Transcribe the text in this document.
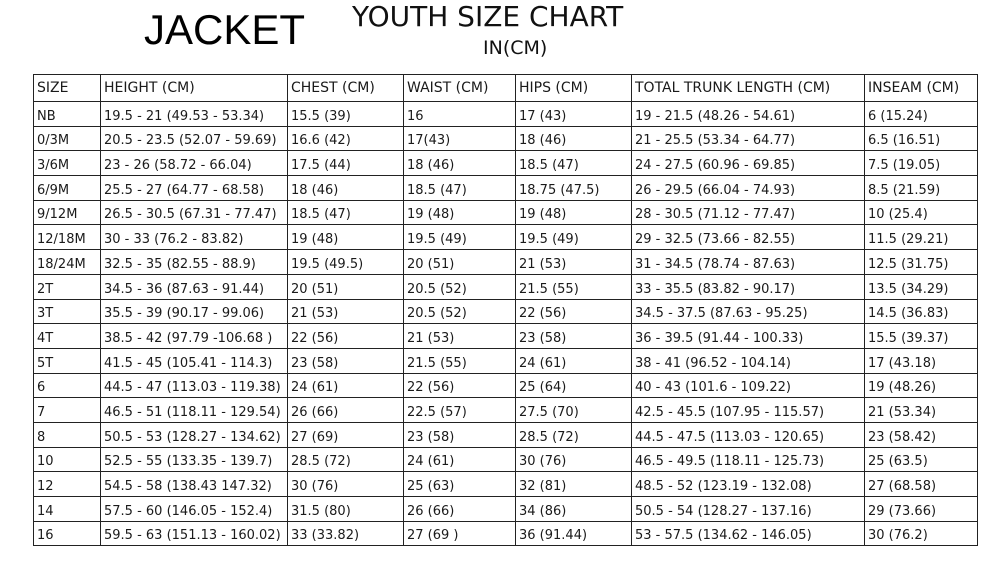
JACKET YOUTH SIZE CHART
IN(CM)
SIZE	HEIGHT (CM)	CHEST (CM)	WAIST (CM)	HIPS (CM)	TOTAL TRUNK LENGTH (CM)	INSEAM (CM)
NB	19.5 - 21 (49.53 - 53.34)	15.5 (39)	16	17 (43)	19 - 21.5 (48.26 - 54.61)	6 (15.24)
0/3M	20.5 - 23.5 (52.07 - 59.69)	16.6 (42)	17(43)	18 (46)	21 - 25.5 (53.34 - 64.77)	6.5 (16.51)
3/6M	23 - 26 (58.72 - 66.04)	17.5 (44)	18 (46)	18.5 (47)	24 - 27.5 (60.96 - 69.85)	7.5 (19.05)
6/9M	25.5 - 27 (64.77 - 68.58)	18 (46)	18.5 (47)	18.75 (47.5)	26 - 29.5 (66.04 - 74.93)	8.5 (21.59)
9/12M	26.5 - 30.5 (67.31 - 77.47)	18.5 (47)	19 (48)	19 (48)	28 - 30.5 (71.12 - 77.47)	10 (25.4)
12/18M	30 - 33 (76.2 - 83.82)	19 (48)	19.5 (49)	19.5 (49)	29 - 32.5 (73.66 - 82.55)	11.5 (29.21)
18/24M	32.5 - 35 (82.55 - 88.9)	19.5 (49.5)	20 (51)	21 (53)	31 - 34.5 (78.74 - 87.63)	12.5 (31.75)
2T	34.5 - 36 (87.63 - 91.44)	20 (51)	20.5 (52)	21.5 (55)	33 - 35.5 (83.82 - 90.17)	13.5 (34.29)
3T	35.5 - 39 (90.17 - 99.06)	21 (53)	20.5 (52)	22 (56)	34.5 - 37.5 (87.63 - 95.25)	14.5 (36.83)
4T	38.5 - 42 (97.79 -106.68 )	22 (56)	21 (53)	23 (58)	36 - 39.5 (91.44 - 100.33)	15.5 (39.37)
5T	41.5 - 45 (105.41 - 114.3)	23 (58)	21.5 (55)	24 (61)	38 - 41 (96.52 - 104.14)	17 (43.18)
6	44.5 - 47 (113.03 - 119.38)	24 (61)	22 (56)	25 (64)	40 - 43 (101.6 - 109.22)	19 (48.26)
7	46.5 - 51 (118.11 - 129.54)	26 (66)	22.5 (57)	27.5 (70)	42.5 - 45.5 (107.95 - 115.57)	21 (53.34)
8	50.5 - 53 (128.27 - 134.62)	27 (69)	23 (58)	28.5 (72)	44.5 - 47.5 (113.03 - 120.65)	23 (58.42)
10	52.5 - 55 (133.35 - 139.7)	28.5 (72)	24 (61)	30 (76)	46.5 - 49.5 (118.11 - 125.73)	25 (63.5)
12	54.5 - 58 (138.43 147.32)	30 (76)	25 (63)	32 (81)	48.5 - 52 (123.19 - 132.08)	27 (68.58)
14	57.5 - 60 (146.05 - 152.4)	31.5 (80)	26 (66)	34 (86)	50.5 - 54 (128.27 - 137.16)	29 (73.66)
16	59.5 - 63 (151.13 - 160.02)	33 (33.82)	27 (69 )	36 (91.44)	53 - 57.5 (134.62 - 146.05)	30 (76.2)
